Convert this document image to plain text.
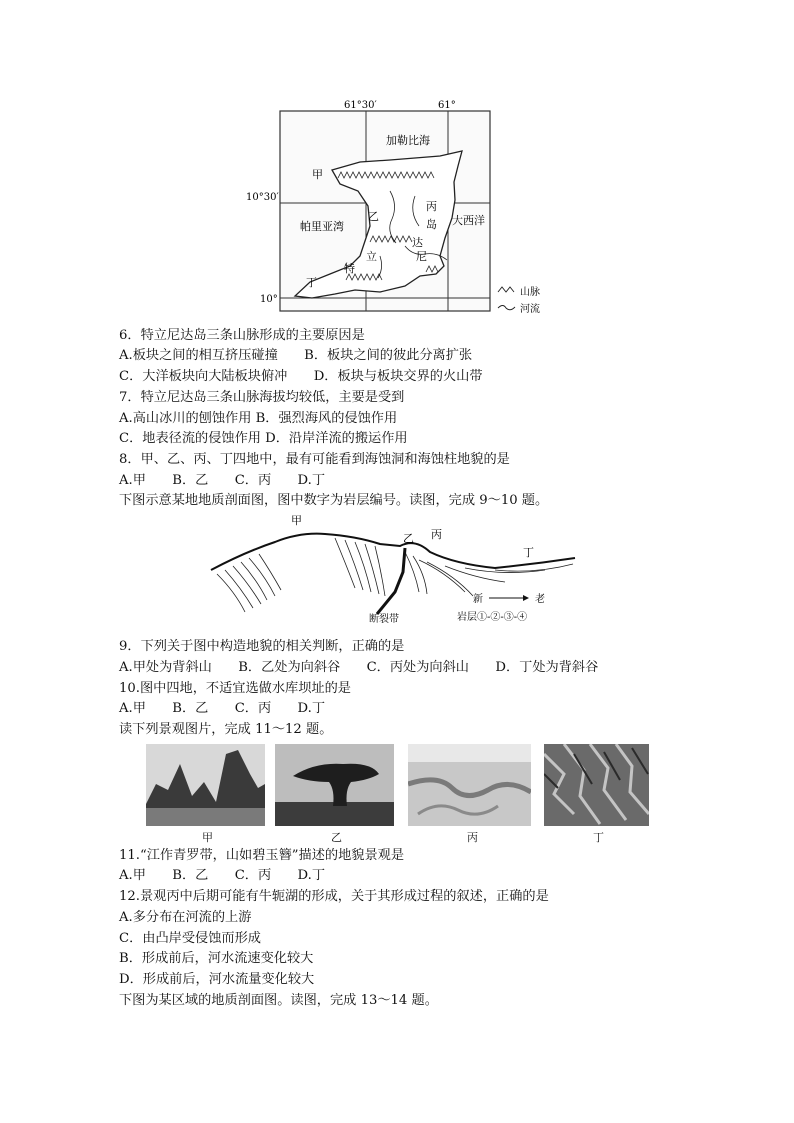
61°30′	61°
10°30′
10°
加勒比海
帕里亚湾	大西洋
甲
乙
丙
丁
岛
达
尼
立
特
山脉
河流
6．特立尼达岛三条山脉形成的主要原因是
A.板块之间的相互挤压碰撞　　B．板块之间的彼此分离扩张
C．大洋板块向大陆板块俯冲　　D．板块与板块交界的火山带
7．特立尼达岛三条山脉海拔均较低，主要是受到
A.高山冰川的刨蚀作用 B．强烈海风的侵蚀作用
C．地表径流的侵蚀作用 D．沿岸洋流的搬运作用
8．甲、乙、丙、丁四地中，最有可能看到海蚀洞和海蚀柱地貌的是
A.甲　　B．乙　　C．丙　　D.丁
下图示意某地地质剖面图，图中数字为岩层编号。读图，完成 9～10 题。
甲
乙 丙
丁
断裂带
新	老
岩层①-②-③-④
9．下列关于图中构造地貌的相关判断，正确的是
A.甲处为背斜山　　B．乙处为向斜谷　　C．丙处为向斜山　　D．丁处为背斜谷
10.图中四地，不适宜选做水库坝址的是
A.甲　　B．乙　　C．丙　　D.丁
读下列景观图片，完成 11～12 题。
甲	乙	丙	丁
11.“江作青罗带，山如碧玉簪”描述的地貌景观是
A.甲　　B．乙　　C．丙　　D.丁
12.景观丙中后期可能有牛轭湖的形成，关于其形成过程的叙述，正确的是
A.多分布在河流的上游
C．由凸岸受侵蚀而形成
B．形成前后，河水流速变化较大
D．形成前后，河水流量变化较大
下图为某区域的地质剖面图。读图，完成 13～14 题。
